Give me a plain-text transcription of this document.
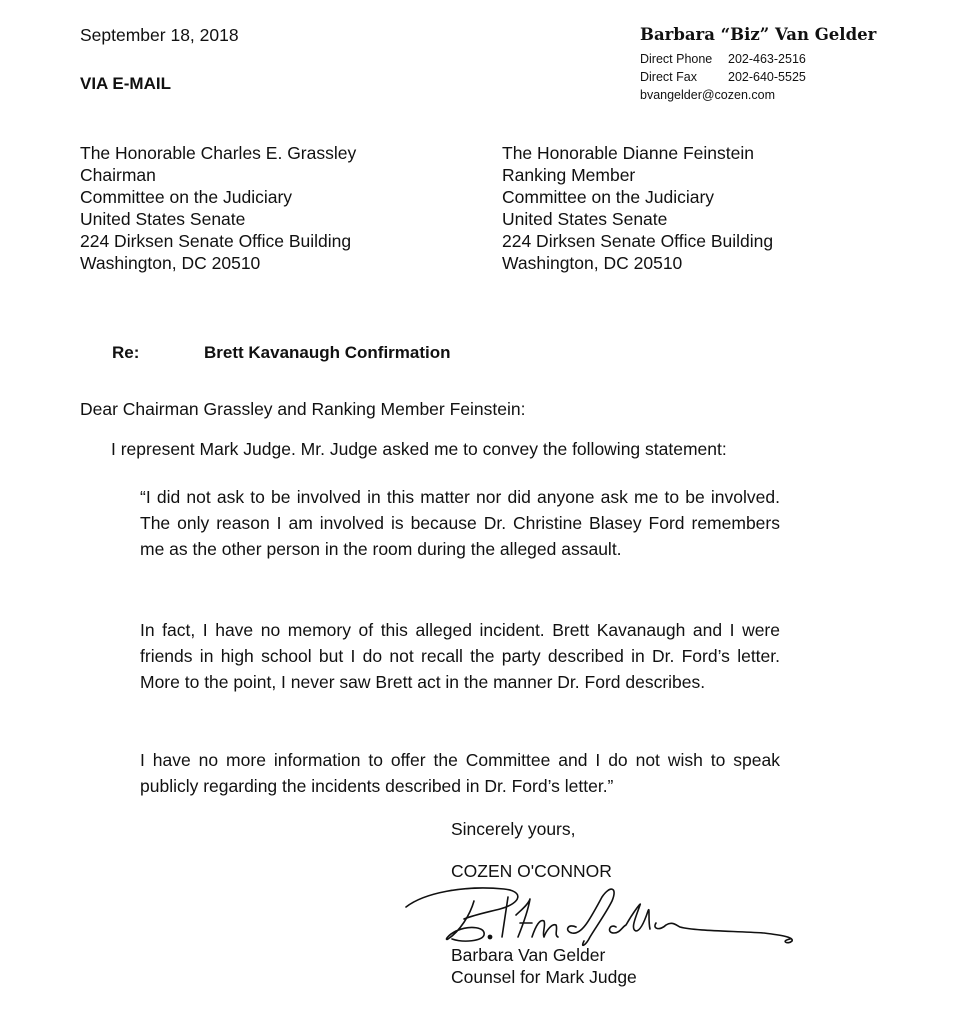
September 18, 2018
VIA E-MAIL
Barbara “Biz” Van Gelder
Direct Phone	202-463-2516
Direct Fax	202-640-5525
bvangelder@cozen.com
The Honorable Charles E. Grassley
Chairman
Committee on the Judiciary
United States Senate
224 Dirksen Senate Office Building
Washington, DC 20510
The Honorable Dianne Feinstein
Ranking Member
Committee on the Judiciary
United States Senate
224 Dirksen Senate Office Building
Washington, DC 20510
Re:	Brett Kavanaugh Confirmation
Dear Chairman Grassley and Ranking Member Feinstein:
I represent Mark Judge. Mr. Judge asked me to convey the following statement:
“I did not ask to be involved in this matter nor did anyone ask me to be involved. The only reason I am involved is because Dr. Christine Blasey Ford remembers me as the other person in the room during the alleged assault.
In fact, I have no memory of this alleged incident. Brett Kavanaugh and I were friends in high school but I do not recall the party described in Dr. Ford’s letter. More to the point, I never saw Brett act in the manner Dr. Ford describes.
I have no more information to offer the Committee and I do not wish to speak publicly regarding the incidents described in Dr. Ford’s letter.”
Sincerely yours,
COZEN O'CONNOR
Barbara Van Gelder
Counsel for Mark Judge
